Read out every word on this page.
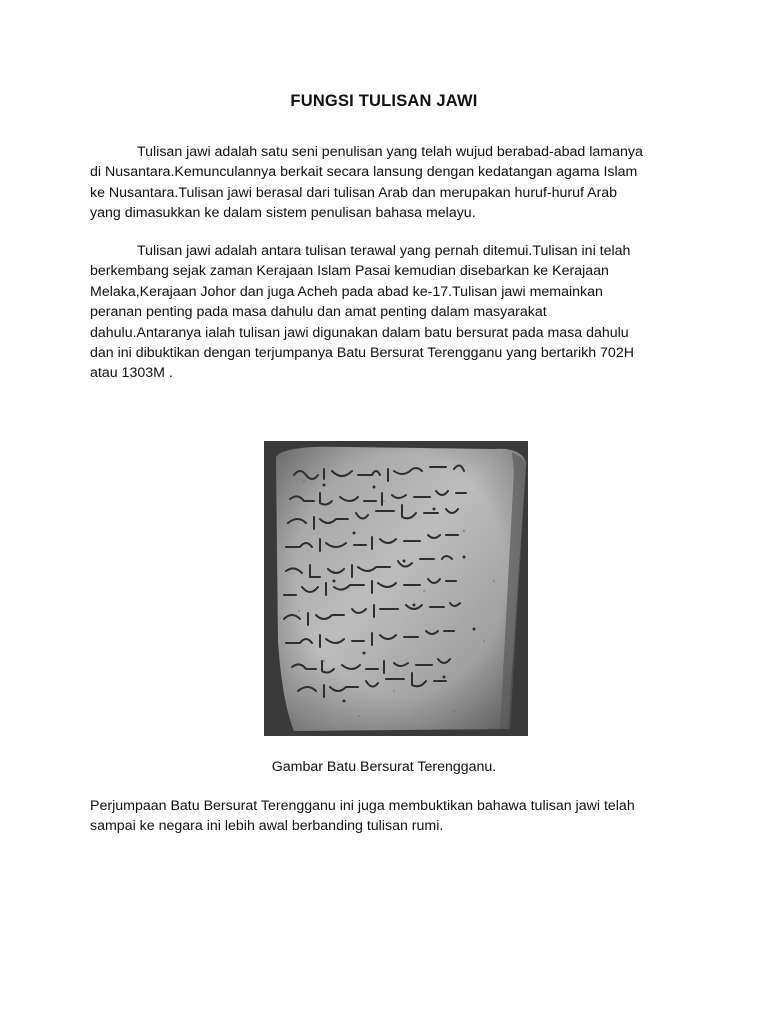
FUNGSI TULISAN JAWI
Tulisan jawi adalah satu seni penulisan yang telah wujud berabad-abad lamanya
di Nusantara.Kemunculannya berkait secara lansung dengan kedatangan agama Islam
ke Nusantara.Tulisan jawi berasal dari tulisan Arab dan merupakan huruf-huruf Arab
yang dimasukkan ke dalam sistem penulisan bahasa melayu.
Tulisan jawi adalah antara tulisan terawal yang pernah ditemui.Tulisan ini telah
berkembang sejak zaman Kerajaan Islam Pasai kemudian disebarkan ke Kerajaan
Melaka,Kerajaan Johor dan juga Acheh pada abad ke-17.Tulisan jawi memainkan
peranan penting pada masa dahulu dan amat penting dalam masyarakat
dahulu.Antaranya ialah tulisan jawi digunakan dalam batu bersurat pada masa dahulu
dan ini dibuktikan dengan terjumpanya Batu Bersurat Terengganu yang bertarikh 702H
atau 1303M .
Gambar Batu Bersurat Terengganu.
Perjumpaan Batu Bersurat Terengganu ini juga membuktikan bahawa tulisan jawi telah
sampai ke negara ini lebih awal berbanding tulisan rumi.
